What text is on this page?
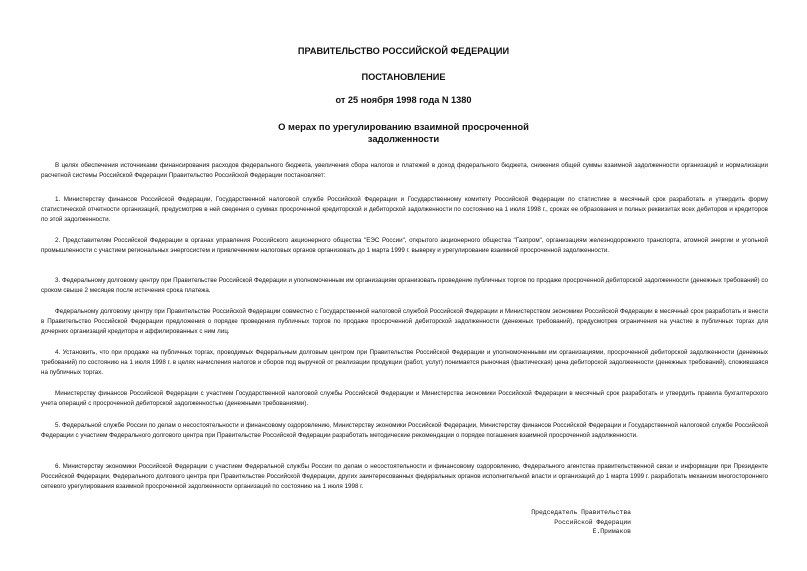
ПРАВИТЕЛЬСТВО РОССИЙСКОЙ ФЕДЕРАЦИИ
ПОСТАНОВЛЕНИЕ
от 25 ноября 1998 года N 1380
О мерах по урегулированию взаимной просроченной
задолженности

В целях обеспечения источниками финансирования расходов федерального бюджета, увеличения сбора налогов и платежей в доход федерального бюджета, снижения общей суммы взаимной задолженности организаций и нормализации расчетной системы Российской Федерации Правительство Российской Федерации постановляет:

1. Министерству финансов Российской Федерации, Государственной налоговой службе Российской Федерации и Государственному комитету Российской Федерации по статистике в месячный срок разработать и утвердить форму статистической отчетности организаций, предусмотрев в ней сведения о суммах просроченной кредиторской и дебиторской задолженности по состоянию на 1 июля 1998 г., сроках ее образования и полных реквизитах всех дебиторов и кредиторов по этой задолженности.

2. Представителям Российской Федерации в органах управления Российского акционерного общества "ЕЭС России", открытого акционерного общества "Газпром", организациям железнодорожного транспорта, атомной энергии и угольной промышленности с участием региональных энергосистем и привлечением налоговых органов организовать до 1 марта 1999 г. выверку и урегулирование взаимной просроченной задолженности.

3. Федеральному долговому центру при Правительстве Российской Федерации и уполномоченным им организациям организовать проведение публичных торгов по продаже просроченной дебиторской задолженности (денежных требований) со сроком свыше 2 месяцев после истечения срока платежа.

Федеральному долговому центру при Правительстве Российской Федерации совместно с Государственной налоговой службой Российской Федерации и Министерством экономики Российской Федерации в месячный срок разработать и внести в Правительство Российской Федерации предложения о порядке проведения публичных торгов по продаже просроченной дебиторской задолженности (денежных требований), предусмотрев ограничения на участие в публичных торгах для дочерних организаций кредитора и аффилированных с ним лиц.

4. Установить, что при продаже на публичных торгах, проводимых Федеральным долговым центром при Правительстве Российской Федерации и уполномоченными им организациями, просроченной дебиторской задолженности (денежных требований) по состоянию на 1 июля 1998 г. в целях начисления налогов и сборов под выручкой от реализации продукции (работ, услуг) понимается рыночная (фактическая) цена дебиторской задолженности (денежных требований), сложившаяся на публичных торгах.

Министерству финансов Российской Федерации с участием Государственной налоговой службы Российской Федерации и Министерства экономики Российской Федерации в месячный срок разработать и утвердить правила бухгалтерского учета операций с просроченной дебиторской задолженностью (денежными требованиями).

5. Федеральной службе России по делам о несостоятельности и финансовому оздоровлению, Министерству экономики Российской Федерации, Министерству финансов Российской Федерации и Государственной налоговой службе Российской Федерации с участием Федерального долгового центра при Правительстве Российской Федерации разработать методические рекомендации о порядке погашения взаимной просроченной задолженности.

6. Министерству экономики Российской Федерации с участием Федеральной службы России по делам о несостоятельности и финансовому оздоровлению, Федерального агентства правительственной связи и информации при Президенте Российской Федерации, Федерального долгового центра при Правительстве Российской Федерации, других заинтересованных федеральных органов исполнительной власти и организаций до 1 марта 1999 г. разработать механизм многостороннего сетевого урегулирования взаимной просроченной задолженности организаций по состоянию на 1 июля 1998 г.

Председатель Правительства
Российской Федерации
Е.Примаков
